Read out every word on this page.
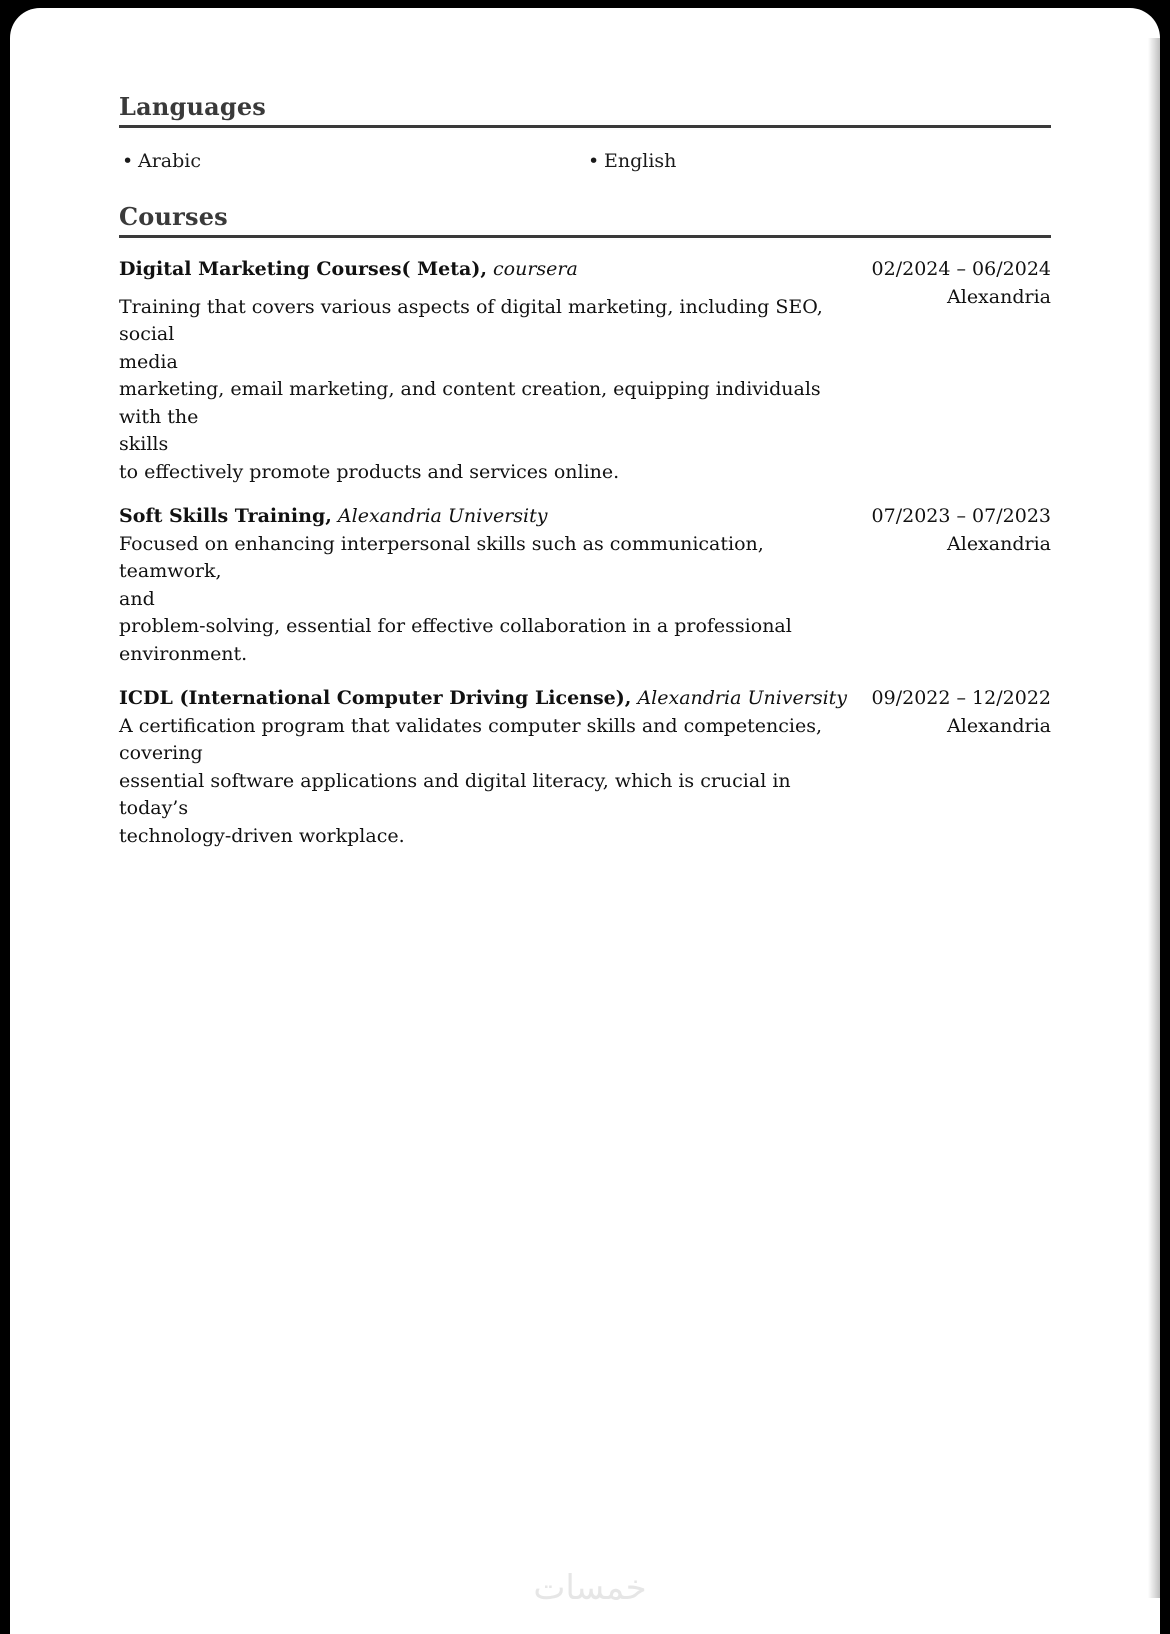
Languages
• Arabic
•	English
Courses
Digital Marketing Courses( Meta), coursera
Training that covers various aspects of digital marketing, including SEO, social
media
marketing, email marketing, and content creation, equipping individuals with the
skills
to effectively promote products and services online.
02/2024 – 06/2024
Alexandria
Soft Skills Training, Alexandria University
Focused on enhancing interpersonal skills such as communication, teamwork,
and
problem-solving, essential for effective collaboration in a professional
environment.
07/2023 – 07/2023
Alexandria
ICDL (International Computer Driving License), Alexandria University
A certification program that validates computer skills and competencies,
covering
essential software applications and digital literacy, which is crucial in today’s
technology-driven workplace.
09/2022 – 12/2022
Alexandria
خمسات
